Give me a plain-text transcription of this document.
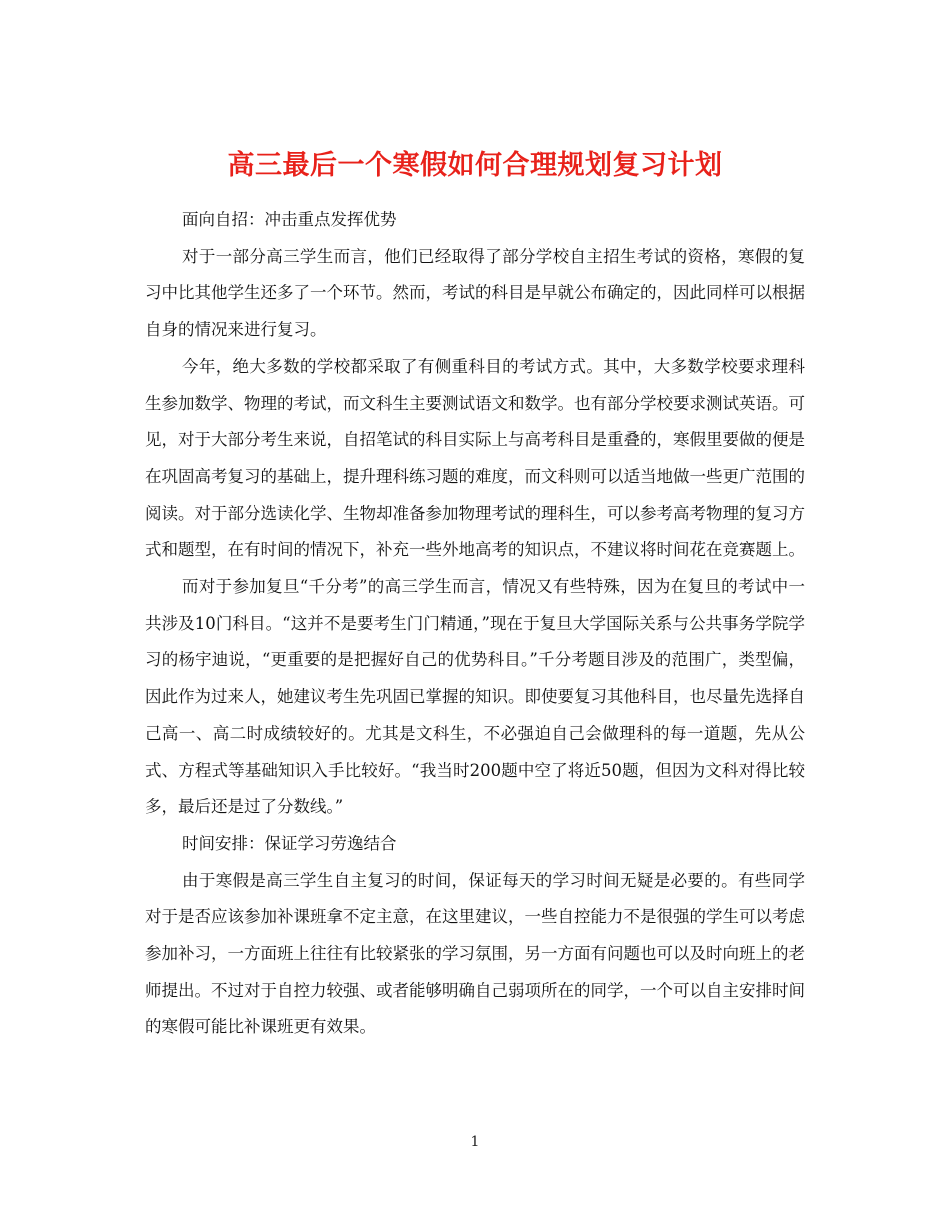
高三最后一个寒假如何合理规划复习计划

面向自招：冲击重点发挥优势

对于一部分高三学生而言，他们已经取得了部分学校自主招生考试的资格，寒假的复习中比其他学生还多了一个环节。然而，考试的科目是早就公布确定的，因此同样可以根据自身的情况来进行复习。

今年，绝大多数的学校都采取了有侧重科目的考试方式。其中，大多数学校要求理科生参加数学、物理的考试，而文科生主要测试语文和数学。也有部分学校要求测试英语。可见，对于大部分考生来说，自招笔试的科目实际上与高考科目是重叠的，寒假里要做的便是在巩固高考复习的基础上，提升理科练习题的难度，而文科则可以适当地做一些更广范围的阅读。对于部分选读化学、生物却准备参加物理考试的理科生，可以参考高考物理的复习方式和题型，在有时间的情况下，补充一些外地高考的知识点，不建议将时间花在竞赛题上。

而对于参加复旦“千分考”的高三学生而言，情况又有些特殊，因为在复旦的考试中一共涉及10门科目。“这并不是要考生门门精通，”现在于复旦大学国际关系与公共事务学院学习的杨宇迪说，“更重要的是把握好自己的优势科目。”千分考题目涉及的范围广，类型偏，因此作为过来人，她建议考生先巩固已掌握的知识。即使要复习其他科目，也尽量先选择自己高一、高二时成绩较好的。尤其是文科生，不必强迫自己会做理科的每一道题，先从公式、方程式等基础知识入手比较好。“我当时200题中空了将近50题，但因为文科对得比较多，最后还是过了分数线。”

时间安排：保证学习劳逸结合

由于寒假是高三学生自主复习的时间，保证每天的学习时间无疑是必要的。有些同学对于是否应该参加补课班拿不定主意，在这里建议，一些自控能力不是很强的学生可以考虑参加补习，一方面班上往往有比较紧张的学习氛围，另一方面有问题也可以及时向班上的老师提出。不过对于自控力较强、或者能够明确自己弱项所在的同学，一个可以自主安排时间的寒假可能比补课班更有效果。

1
